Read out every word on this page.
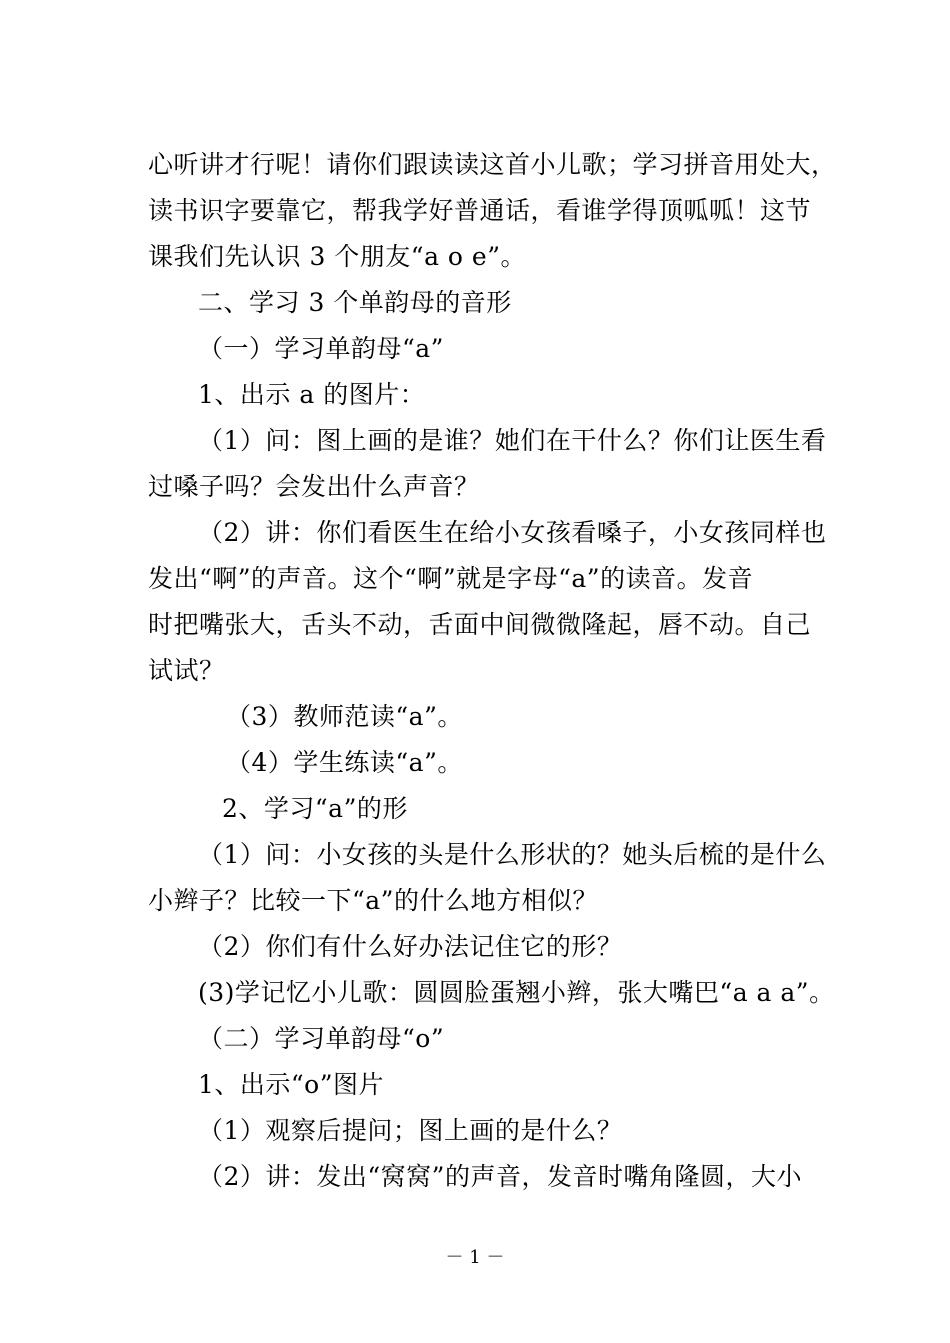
心听讲才行呢！请你们跟读读这首小儿歌；学习拼音用处大，
读书识字要靠它，帮我学好普通话，看谁学得顶呱呱！这节
课我们先认识 3 个朋友“a o e”。
二、学习 3 个单韵母的音形
（一）学习单韵母“a”
1、出示 a 的图片：
（1）问：图上画的是谁？她们在干什么？你们让医生看
过嗓子吗？会发出什么声音？
（2）讲：你们看医生在给小女孩看嗓子，小女孩同样也
发出“啊”的声音。这个“啊”就是字母“a”的读音。发音
时把嘴张大，舌头不动，舌面中间微微隆起，唇不动。自己
试试？
（3）教师范读“a”。
（4）学生练读“a”。
2、学习“a”的形
（1）问：小女孩的头是什么形状的？她头后梳的是什么
小辫子？比较一下“a”的什么地方相似？
（2）你们有什么好办法记住它的形？
(3)学记忆小儿歌：圆圆脸蛋翘小辫，张大嘴巴“a a a”。
（二）学习单韵母“o”
1、出示“o”图片
（1）观察后提问；图上画的是什么？
（2）讲：发出“窝窝”的声音，发音时嘴角隆圆，大小
－ 1 －
